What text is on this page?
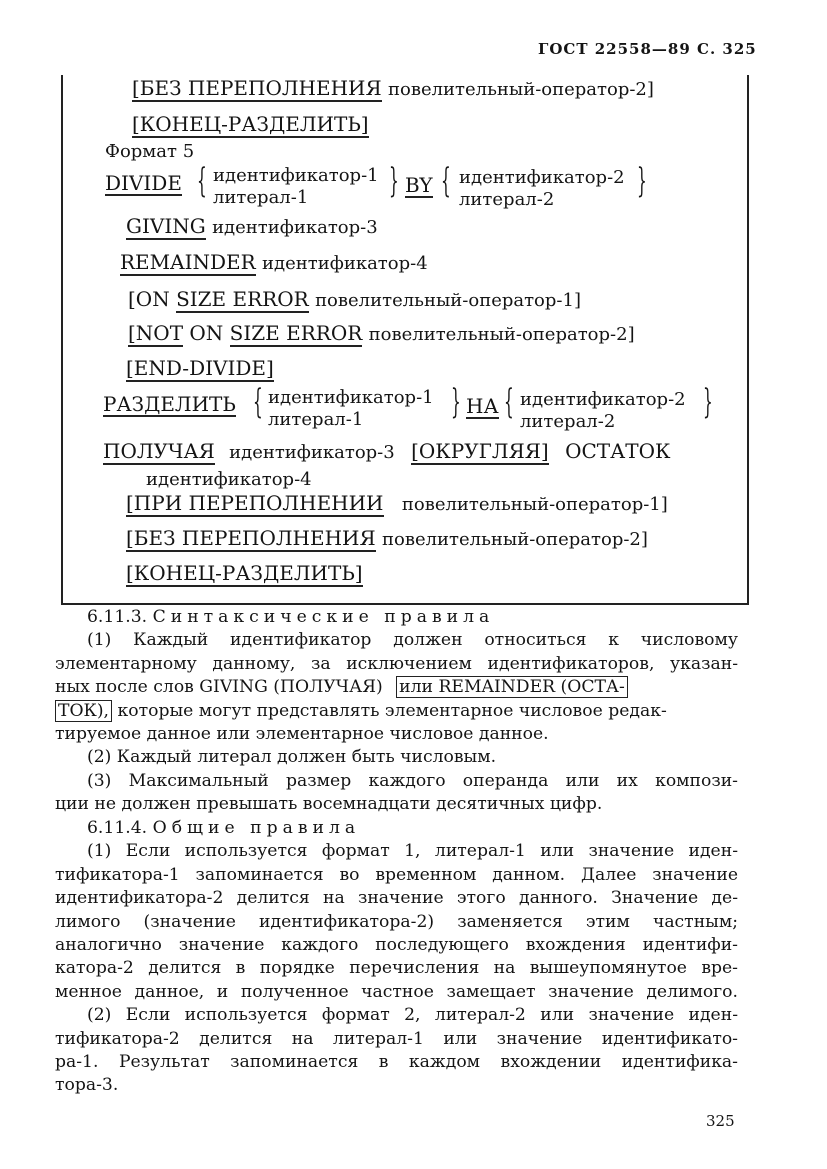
ГОСТ 22558—89 С. 325
[БЕЗ ПЕРЕПОЛНЕНИЯ повелительный-оператор-2]
[КОНЕЦ-РАЗДЕЛИТЬ]
Формат 5
DIVIDE { идентификатор-1
литерал-1 } BY { идентификатор-2
литерал-2 }
GIVING идентификатор-3
REMAINDER идентификатор-4
[ON SIZE ERROR повелительный-оператор-1]
[NOT ON SIZE ERROR повелительный-оператор-2]
[END-DIVIDE]
РАЗДЕЛИТЬ { идентификатор-1
литерал-1	} НА { идентификатор-2
литерал-2	}
ПОЛУЧАЯ идентификатор-3 [ОКРУГЛЯЯ] ОСТАТОК
идентификатор-4
[ПРИ ПЕРЕПОЛНЕНИИ повелительный-оператор-1]
[БЕЗ ПЕРЕПОЛНЕНИЯ повелительный-оператор-2]
[КОНЕЦ-РАЗДЕЛИТЬ]
6.11.3. Синтаксические правила
(1) Каждый идентификатор должен относиться к числовому
элементарному данному, за исключением идентификаторов, указан-
ных после слов GIVING (ПОЛУЧАЯ) или REMAINDER (ОСТА-
ТОК), которые могут представлять элементарное числовое редак-
тируемое данное или элементарное числовое данное.
(2) Каждый литерал должен быть числовым.
(3) Максимальный размер каждого операнда или их компози-
ции не должен превышать восемнадцати десятичных цифр.
6.11.4. Общие правила
(1) Если используется формат 1, литерал-1 или значение иден-
тификатора-1 запоминается во временном данном. Далее значение
идентификатора-2 делится на значение этого данного. Значение де-
лимого (значение идентификатора-2) заменяется этим частным;
аналогично значение каждого последующего вхождения идентифи-
катора-2 делится в порядке перечисления на вышеупомянутое вре-
менное данное, и полученное частное замещает значение делимого.
(2) Если используется формат 2, литерал-2 или значение иден-
тификатора-2 делится на литерал-1 или значение идентификато-
ра-1. Результат запоминается в каждом вхождении идентифика-
тора-3.
325
